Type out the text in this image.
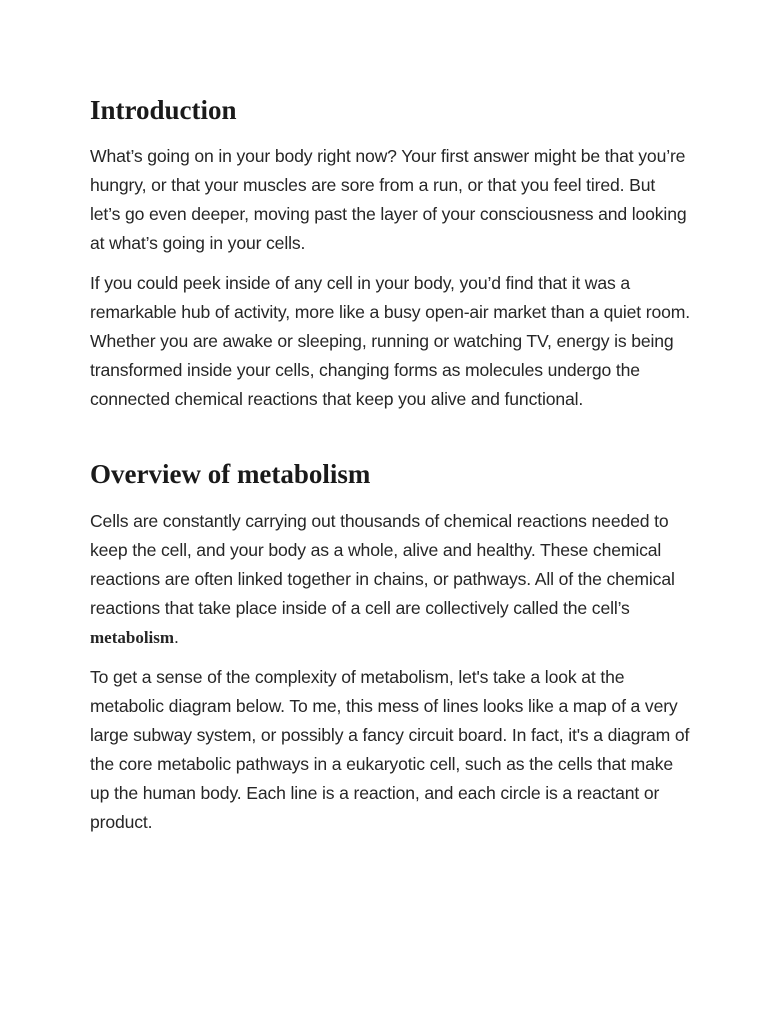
Introduction

What’s going on in your body right now? Your first answer might be that you’re hungry, or that your muscles are sore from a run, or that you feel tired. But let’s go even deeper, moving past the layer of your consciousness and looking at what’s going in your cells.

If you could peek inside of any cell in your body, you’d find that it was a remarkable hub of activity, more like a busy open-air market than a quiet room. Whether you are awake or sleeping, running or watching TV, energy is being transformed inside your cells, changing forms as molecules undergo the connected chemical reactions that keep you alive and functional.

Overview of metabolism

Cells are constantly carrying out thousands of chemical reactions needed to keep the cell, and your body as a whole, alive and healthy. These chemical reactions are often linked together in chains, or pathways. All of the chemical reactions that take place inside of a cell are collectively called the cell’s metabolism.

To get a sense of the complexity of metabolism, let's take a look at the metabolic diagram below. To me, this mess of lines looks like a map of a very large subway system, or possibly a fancy circuit board. In fact, it's a diagram of the core metabolic pathways in a eukaryotic cell, such as the cells that make up the human body. Each line is a reaction, and each circle is a reactant or product.
